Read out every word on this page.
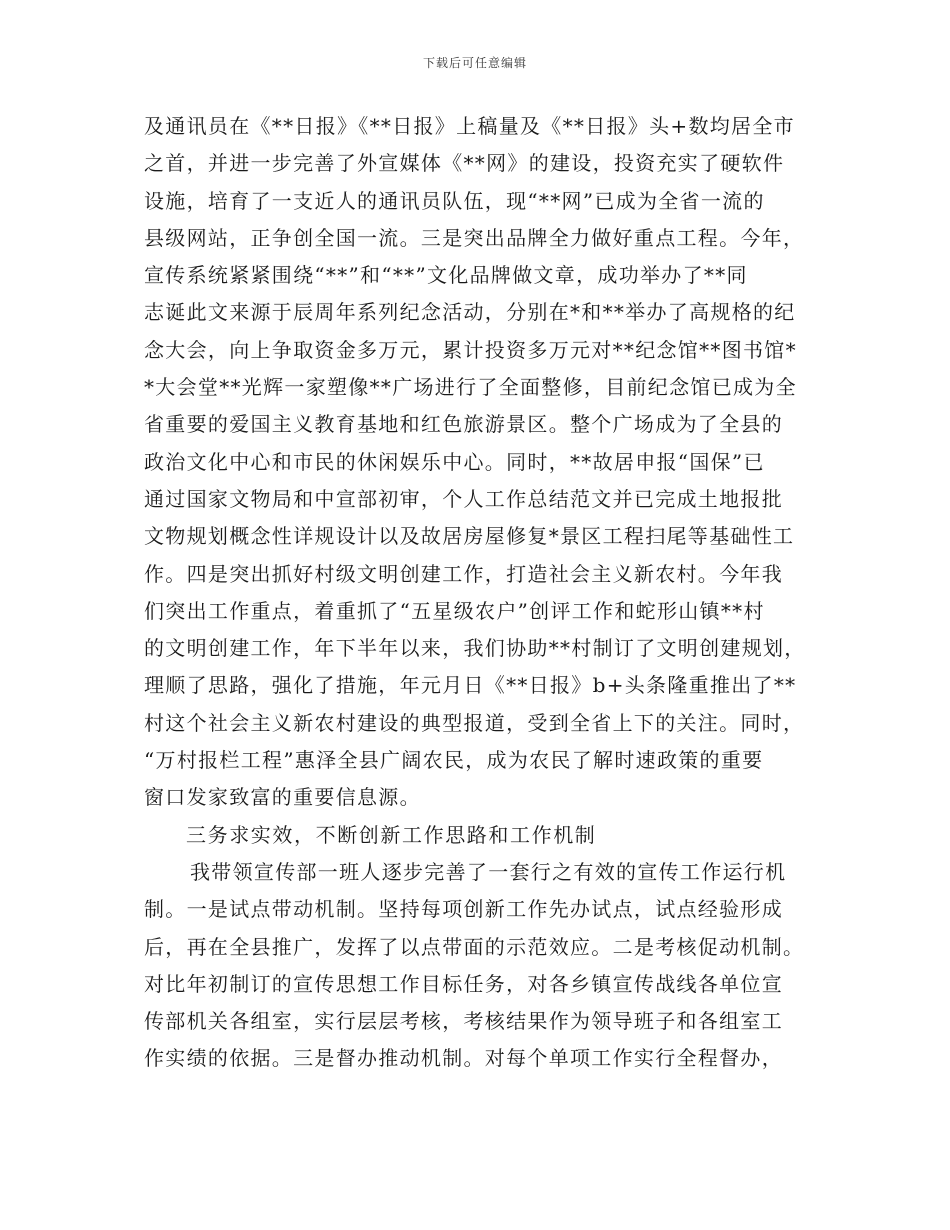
下载后可任意编辑
及通讯员在《**日报》《**日报》上稿量及《**日报》头+数均居全市
之首，并进一步完善了外宣媒体《**网》的建设，投资充实了硬软件
设施，培育了一支近人的通讯员队伍，现“**网”已成为全省一流的
县级网站，正争创全国一流。三是突出品牌全力做好重点工程。今年，
宣传系统紧紧围绕“**”和“**”文化品牌做文章，成功举办了**同
志诞此文来源于辰周年系列纪念活动，分别在*和**举办了高规格的纪
念大会，向上争取资金多万元，累计投资多万元对**纪念馆**图书馆*
*大会堂**光辉一家塑像**广场进行了全面整修，目前纪念馆已成为全
省重要的爱国主义教育基地和红色旅游景区。整个广场成为了全县的
政治文化中心和市民的休闲娱乐中心。同时，**故居申报“国保”已
通过国家文物局和中宣部初审，个人工作总结范文并已完成土地报批
文物规划概念性详规设计以及故居房屋修复*景区工程扫尾等基础性工
作。四是突出抓好村级文明创建工作，打造社会主义新农村。今年我
们突出工作重点，着重抓了“五星级农户”创评工作和蛇形山镇**村
的文明创建工作，年下半年以来，我们协助**村制订了文明创建规划，
理顺了思路，强化了措施，年元月日《**日报》b+头条隆重推出了**
村这个社会主义新农村建设的典型报道，受到全省上下的关注。同时，
“万村报栏工程”惠泽全县广阔农民，成为农民了解时速政策的重要
窗口发家致富的重要信息源。
三务求实效，不断创新工作思路和工作机制
我带领宣传部一班人逐步完善了一套行之有效的宣传工作运行机
制。一是试点带动机制。坚持每项创新工作先办试点，试点经验形成
后，再在全县推广，发挥了以点带面的示范效应。二是考核促动机制。
对比年初制订的宣传思想工作目标任务，对各乡镇宣传战线各单位宣
传部机关各组室，实行层层考核，考核结果作为领导班子和各组室工
作实绩的依据。三是督办推动机制。对每个单项工作实行全程督办，
